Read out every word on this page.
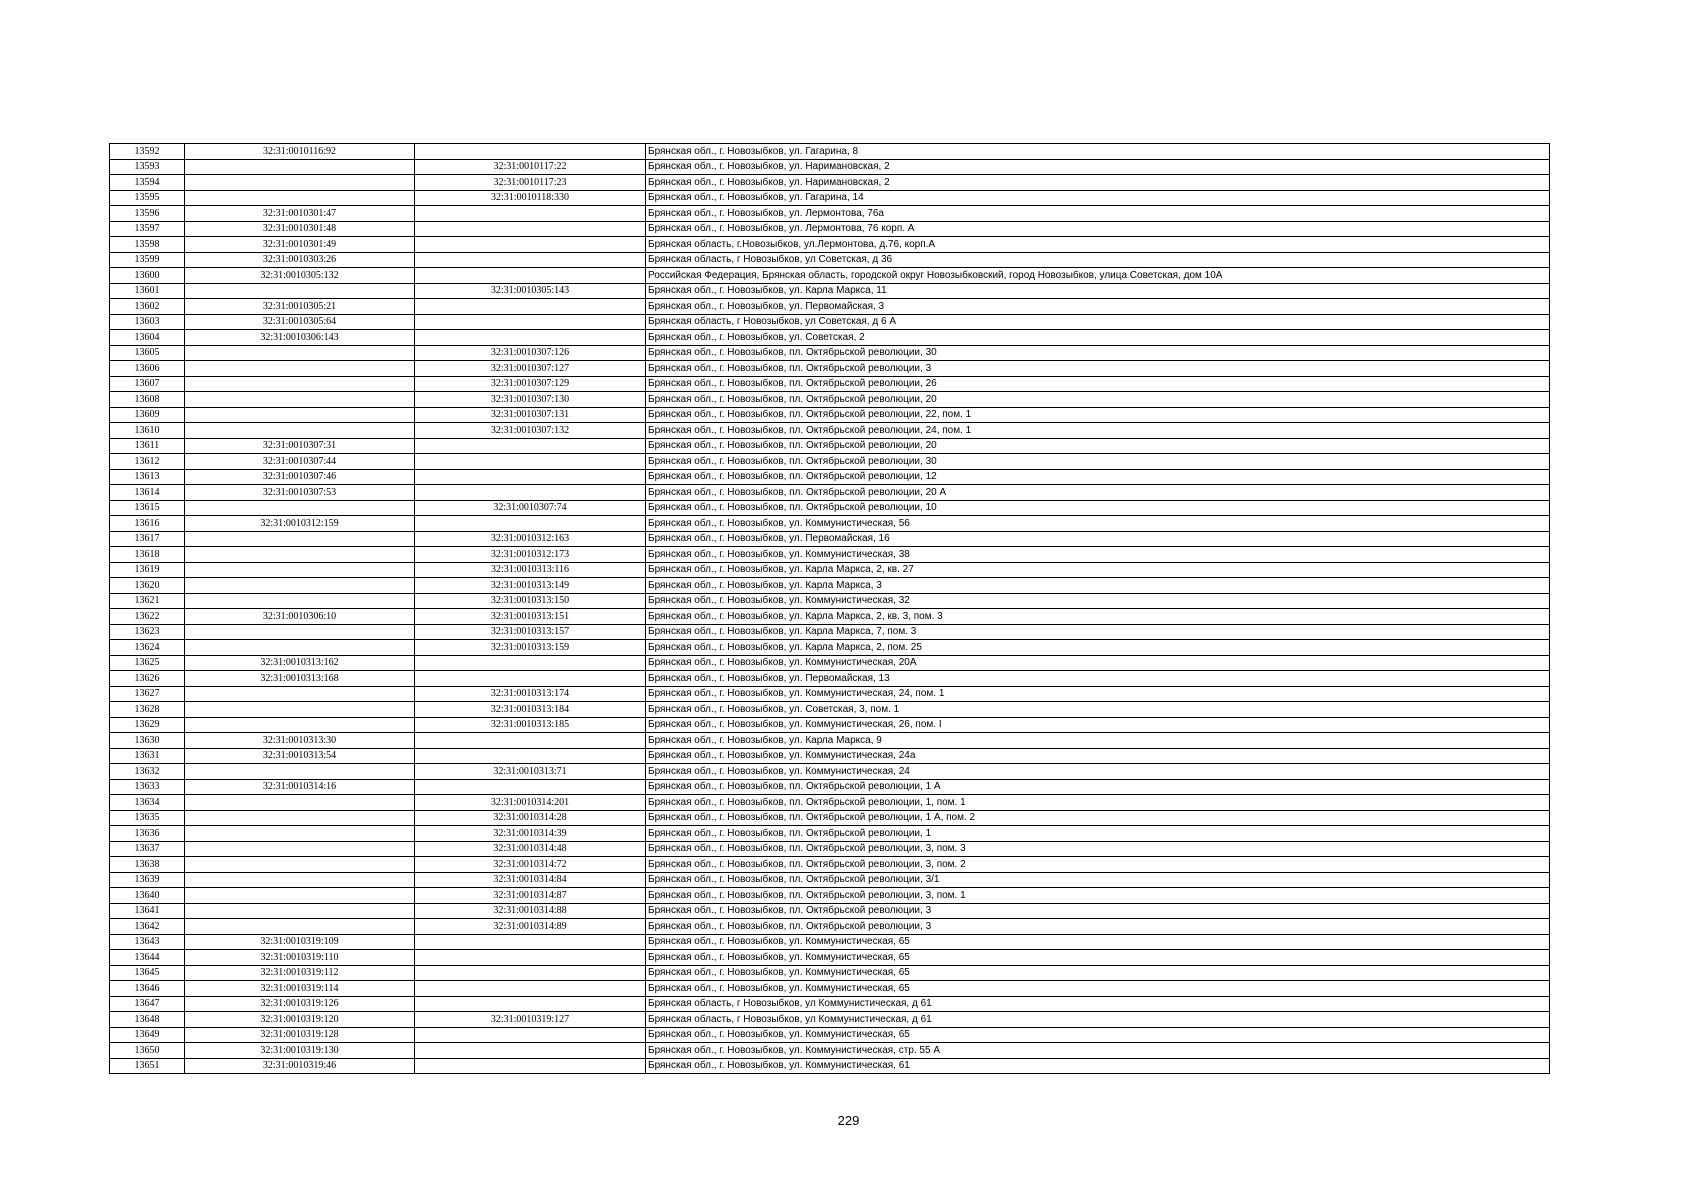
13592	32:31:0010116:92		Брянская обл., г. Новозыбков, ул. Гагарина, 8
13593		32:31:0010117:22	Брянская обл., г. Новозыбков, ул. Наримановская, 2
13594		32:31:0010117:23	Брянская обл., г. Новозыбков, ул. Наримановская, 2
13595		32:31:0010118:330	Брянская обл., г. Новозыбков, ул. Гагарина, 14
13596	32:31:0010301:47		Брянская обл., г. Новозыбков, ул. Лермонтова, 76а
13597	32:31:0010301:48		Брянская обл., г. Новозыбков, ул. Лермонтова, 76 корп. А
13598	32:31:0010301:49		Брянская область, г.Новозыбков, ул.Лермонтова, д.76, корп.А
13599	32:31:0010303:26		Брянская область, г Новозыбков, ул Советская, д 36
13600	32:31:0010305:132		Российская Федерация, Брянская область, городской округ Новозыбковский, город Новозыбков, улица Советская, дом 10А
13601		32:31:0010305:143	Брянская обл., г. Новозыбков, ул. Карла Маркса, 11
13602	32:31:0010305:21		Брянская обл., г. Новозыбков, ул. Первомайская, 3
13603	32:31:0010305:64		Брянская область, г Новозыбков, ул Советская, д 6 А
13604	32:31:0010306:143		Брянская обл., г. Новозыбков, ул. Советская, 2
13605		32:31:0010307:126	Брянская обл., г. Новозыбков, пл. Октябрьской революции, 30
13606		32:31:0010307:127	Брянская обл., г. Новозыбков, пл. Октябрьской революции, 3
13607		32:31:0010307:129	Брянская обл., г. Новозыбков, пл. Октябрьской революции, 26
13608		32:31:0010307:130	Брянская обл., г. Новозыбков, пл. Октябрьской революции, 20
13609		32:31:0010307:131	Брянская обл., г. Новозыбков, пл. Октябрьской революции, 22, пом. 1
13610		32:31:0010307:132	Брянская обл., г. Новозыбков, пл. Октябрьской революции, 24, пом. 1
13611	32:31:0010307:31		Брянская обл., г. Новозыбков, пл. Октябрьской революции, 20
13612	32:31:0010307:44		Брянская обл., г. Новозыбков, пл. Октябрьской революции, 30
13613	32:31:0010307:46		Брянская обл., г. Новозыбков, пл. Октябрьской революции, 12
13614	32:31:0010307:53		Брянская обл., г. Новозыбков, пл. Октябрьской революции, 20 А
13615		32:31:0010307:74	Брянская обл., г. Новозыбков, пл. Октябрьской революции, 10
13616	32:31:0010312:159		Брянская обл., г. Новозыбков, ул. Коммунистическая, 56
13617		32:31:0010312:163	Брянская обл., г. Новозыбков, ул. Первомайская, 16
13618		32:31:0010312:173	Брянская обл., г. Новозыбков, ул. Коммунистическая, 38
13619		32:31:0010313:116	Брянская обл., г. Новозыбков, ул. Карла Маркса, 2, кв. 27
13620		32:31:0010313:149	Брянская обл., г. Новозыбков, ул. Карла Маркса, 3
13621		32:31:0010313:150	Брянская обл., г. Новозыбков, ул. Коммунистическая, 32
13622	32:31:0010306:10	32:31:0010313:151	Брянская обл., г. Новозыбков, ул. Карла Маркса, 2, кв. 3, пом. 3
13623		32:31:0010313:157	Брянская обл., г. Новозыбков, ул. Карла Маркса, 7, пом. 3
13624		32:31:0010313:159	Брянская обл., г. Новозыбков, ул. Карла Маркса, 2, пом. 25
13625	32:31:0010313:162		Брянская обл., г. Новозыбков, ул. Коммунистическая, 20А
13626	32:31:0010313:168		Брянская обл., г. Новозыбков, ул. Первомайская, 13
13627		32:31:0010313:174	Брянская обл., г. Новозыбков, ул. Коммунистическая, 24, пом. 1
13628		32:31:0010313:184	Брянская обл., г. Новозыбков, ул. Советская, 3, пом. 1
13629		32:31:0010313:185	Брянская обл., г. Новозыбков, ул. Коммунистическая, 26, пом. I
13630	32:31:0010313:30		Брянская обл., г. Новозыбков, ул. Карла Маркса, 9
13631	32:31:0010313:54		Брянская обл., г. Новозыбков, ул. Коммунистическая, 24а
13632		32:31:0010313:71	Брянская обл., г. Новозыбков, ул. Коммунистическая, 24
13633	32:31:0010314:16		Брянская обл., г. Новозыбков, пл. Октябрьской революции, 1 А
13634		32:31:0010314:201	Брянская обл., г. Новозыбков, пл. Октябрьской революции, 1, пом. 1
13635		32:31:0010314:28	Брянская обл., г. Новозыбков, пл. Октябрьской революции, 1 А, пом. 2
13636		32:31:0010314:39	Брянская обл., г. Новозыбков, пл. Октябрьской революции, 1
13637		32:31:0010314:48	Брянская обл., г. Новозыбков, пл. Октябрьской революции, 3, пом. 3
13638		32:31:0010314:72	Брянская обл., г. Новозыбков, пл. Октябрьской революции, 3, пом. 2
13639		32:31:0010314:84	Брянская обл., г. Новозыбков, пл. Октябрьской революции, 3/1
13640		32:31:0010314:87	Брянская обл., г. Новозыбков, пл. Октябрьской революции, 3, пом. 1
13641		32:31:0010314:88	Брянская обл., г. Новозыбков, пл. Октябрьской революции, 3
13642		32:31:0010314:89	Брянская обл., г. Новозыбков, пл. Октябрьской революции, 3
13643	32:31:0010319:109		Брянская обл., г. Новозыбков, ул. Коммунистическая, 65
13644	32:31:0010319:110		Брянская обл., г. Новозыбков, ул. Коммунистическая, 65
13645	32:31:0010319:112		Брянская обл., г. Новозыбков, ул. Коммунистическая, 65
13646	32:31:0010319:114		Брянская обл., г. Новозыбков, ул. Коммунистическая, 65
13647	32:31:0010319:126		Брянская область, г Новозыбков, ул Коммунистическая, д 61
13648	32:31:0010319:120	32:31:0010319:127	Брянская область, г Новозыбков, ул Коммунистическая, д 61
13649	32:31:0010319:128		Брянская обл., г. Новозыбков, ул. Коммунистическая, 65
13650	32:31:0010319:130		Брянская обл., г. Новозыбков, ул. Коммунистическая, стр. 55 А
13651	32:31:0010319:46		Брянская обл., г. Новозыбков, ул. Коммунистическая, 61
229
